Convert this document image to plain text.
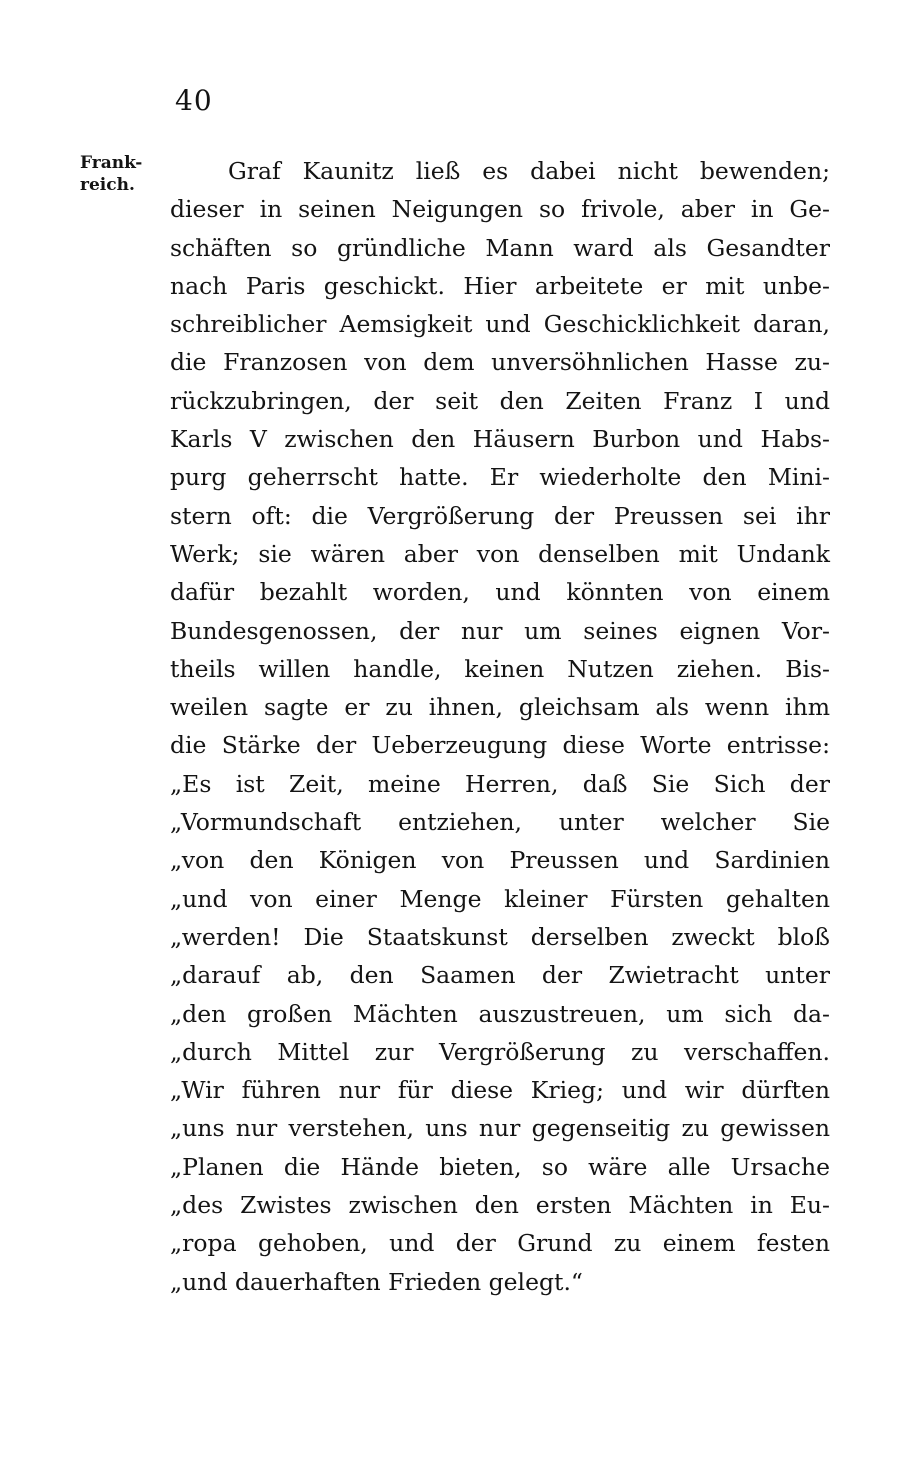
40
Frank-
reich.	Graf Kaunitz ließ es dabei nicht bewenden;
dieser in seinen Neigungen so frivole, aber in Ge-
schäften so gründliche Mann ward als Gesandter
nach Paris geschickt. Hier arbeitete er mit unbe-
schreiblicher Aemsigkeit und Geschicklichkeit daran,
die Franzosen von dem unversöhnlichen Hasse zu-
rückzubringen, der seit den Zeiten Franz I und
Karls V zwischen den Häusern Burbon und Habs-
purg geherrscht hatte. Er wiederholte den Mini-
stern oft: die Vergrößerung der Preussen sei ihr
Werk; sie wären aber von denselben mit Undank
dafür bezahlt worden, und könnten von einem
Bundesgenossen, der nur um seines eignen Vor-
theils willen handle, keinen Nutzen ziehen. Bis-
weilen sagte er zu ihnen, gleichsam als wenn ihm
die Stärke der Ueberzeugung diese Worte entrisse:
„Es ist Zeit, meine Herren, daß Sie Sich der
„Vormundschaft entziehen, unter welcher Sie
„von den Königen von Preussen und Sardinien
„und von einer Menge kleiner Fürsten gehalten
„werden! Die Staatskunst derselben zweckt bloß
„darauf ab, den Saamen der Zwietracht unter
„den großen Mächten auszustreuen, um sich da-
„durch Mittel zur Vergrößerung zu verschaffen.
„Wir führen nur für diese Krieg; und wir dürften
„uns nur verstehen, uns nur gegenseitig zu gewissen
„Planen die Hände bieten, so wäre alle Ursache
„des Zwistes zwischen den ersten Mächten in Eu-
„ropa gehoben, und der Grund zu einem festen
„und dauerhaften Frieden gelegt.“
